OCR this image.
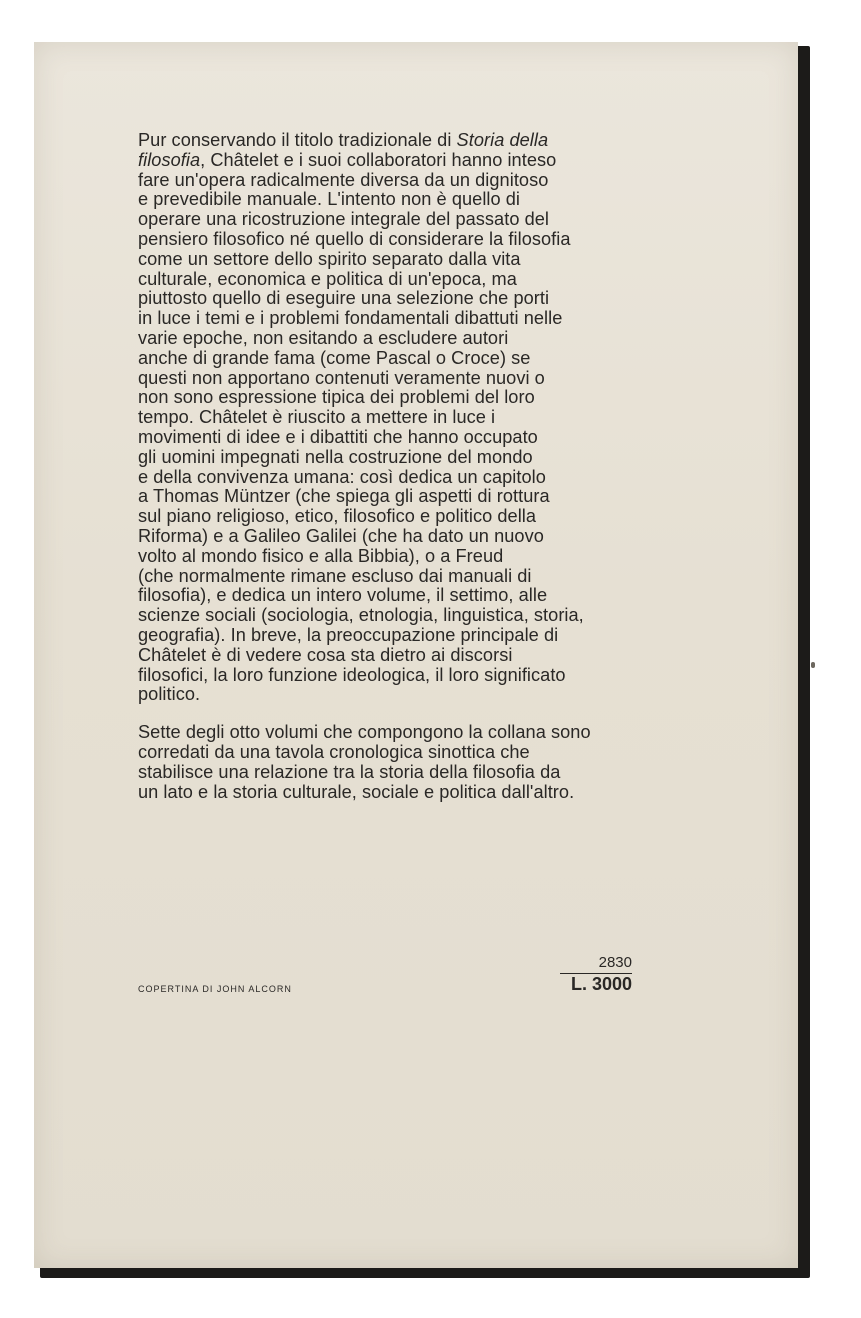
Pur conservando il titolo tradizionale di Storia della
filosofia, Châtelet e i suoi collaboratori hanno inteso
fare un'opera radicalmente diversa da un dignitoso
e prevedibile manuale. L'intento non è quello di
operare una ricostruzione integrale del passato del
pensiero filosofico né quello di considerare la filosofia
come un settore dello spirito separato dalla vita
culturale, economica e politica di un'epoca, ma
piuttosto quello di eseguire una selezione che porti
in luce i temi e i problemi fondamentali dibattuti nelle
varie epoche, non esitando a escludere autori
anche di grande fama (come Pascal o Croce) se
questi non apportano contenuti veramente nuovi o
non sono espressione tipica dei problemi del loro
tempo. Châtelet è riuscito a mettere in luce i
movimenti di idee e i dibattiti che hanno occupato
gli uomini impegnati nella costruzione del mondo
e della convivenza umana: così dedica un capitolo
a Thomas Müntzer (che spiega gli aspetti di rottura
sul piano religioso, etico, filosofico e politico della
Riforma) e a Galileo Galilei (che ha dato un nuovo
volto al mondo fisico e alla Bibbia), o a Freud
(che normalmente rimane escluso dai manuali di
filosofia), e dedica un intero volume, il settimo, alle
scienze sociali (sociologia, etnologia, linguistica, storia,
geografia). In breve, la preoccupazione principale di
Châtelet è di vedere cosa sta dietro ai discorsi
filosofici, la loro funzione ideologica, il loro significato
politico.

Sette degli otto volumi che compongono la collana sono
corredati da una tavola cronologica sinottica che
stabilisce una relazione tra la storia della filosofia da
un lato e la storia culturale, sociale e politica dall'altro.

COPERTINA DI JOHN ALCORN
2830
L. 3000
